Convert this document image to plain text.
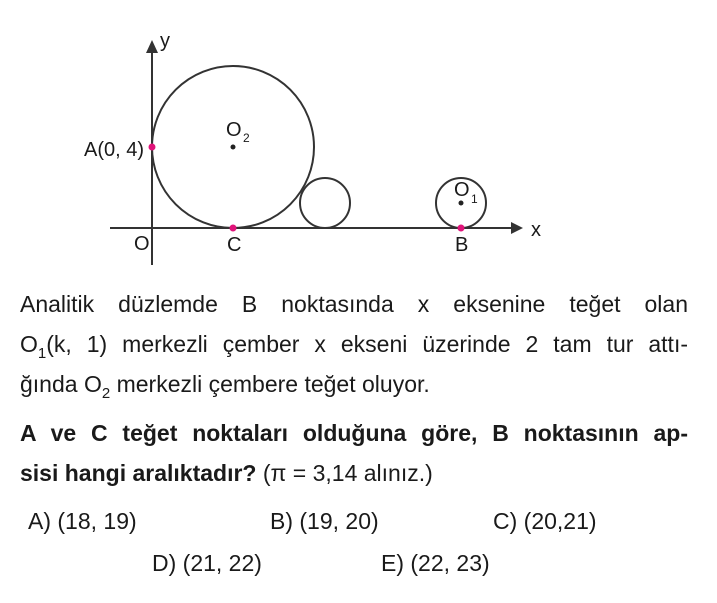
y
x
A(0, 4)
O	C	B
O 2
O 1
Analitik düzlemde B noktasında x eksenine teğet olan
$O_1(k$, 1) merkezli çember x ekseni üzerinde 2 tam tur attı-
ğında $O_2$ merkezli çembere teğet oluyor.
A ve C teğet noktaları olduğuna göre, B noktasının ap-
sisi hangi aralıktadır? (π = 3,14 alınız.)
A) (18, 19)	B) (19, 20)	C) (20,21)
D) (21, 22)	E) (22, 23)
